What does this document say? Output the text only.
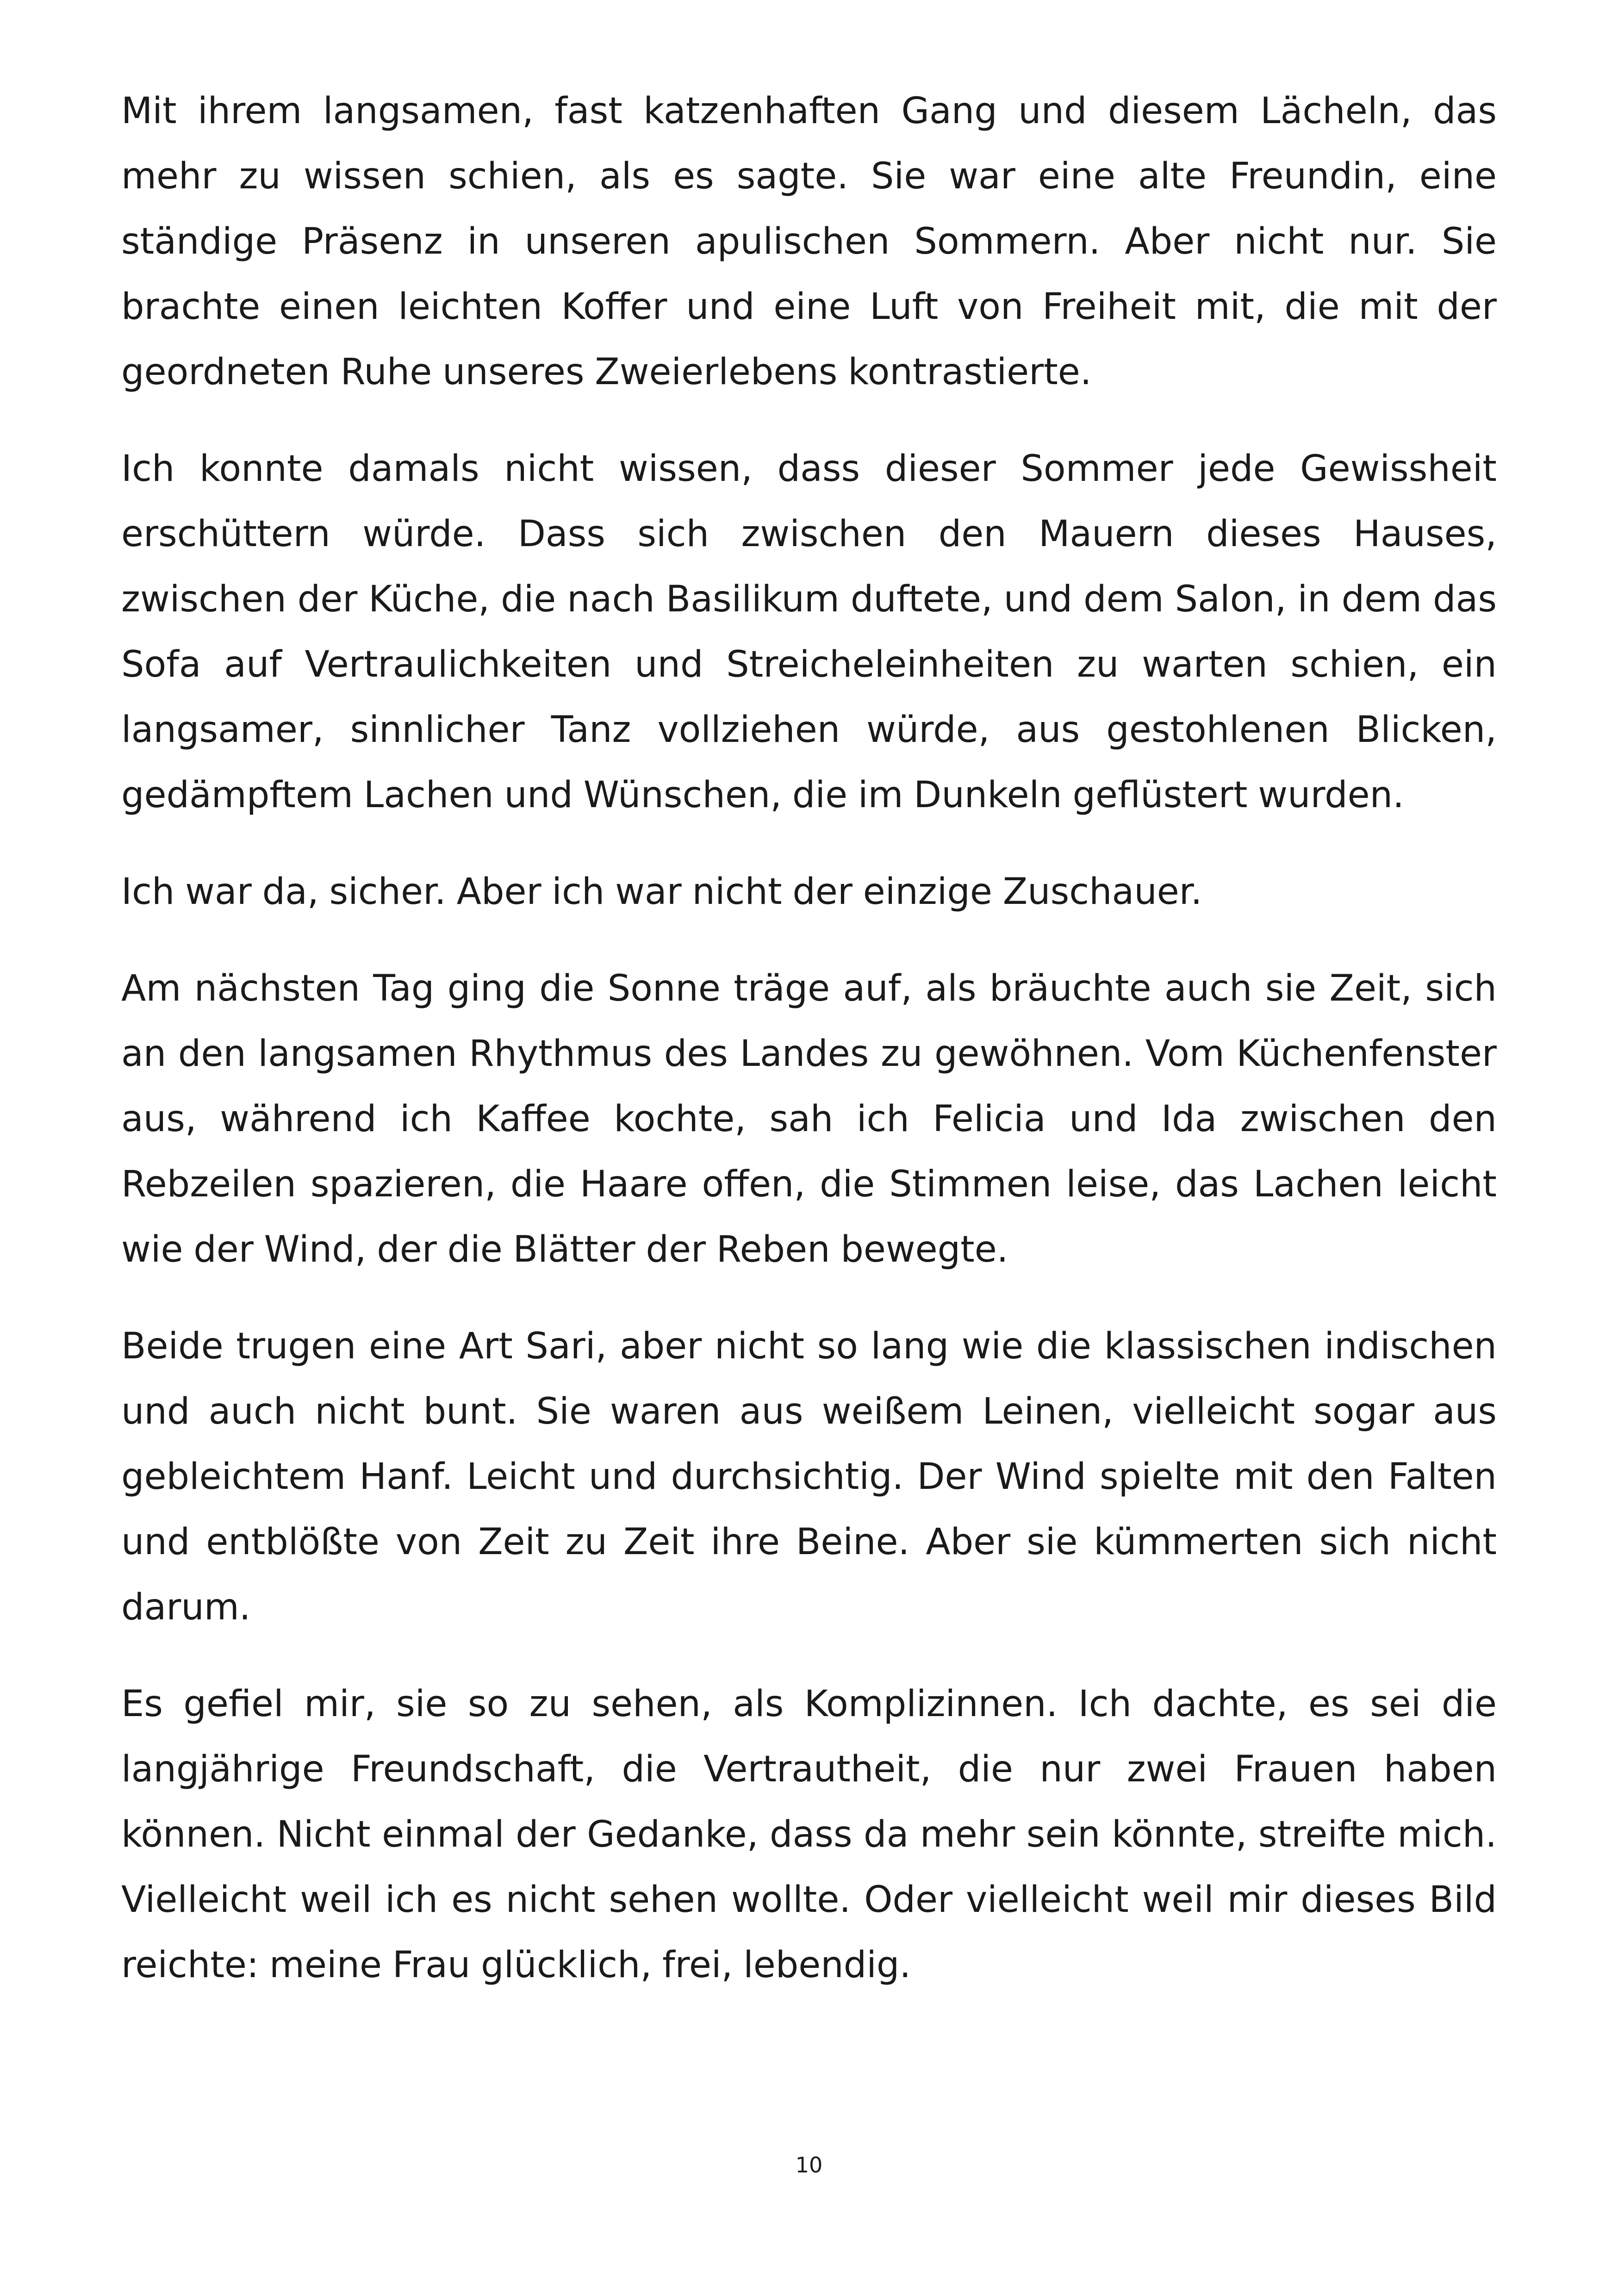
Mit ihrem langsamen, fast katzenhaften Gang und diesem Lächeln, das mehr zu wissen schien, als es sagte. Sie war eine alte Freundin, eine ständige Präsenz in unseren apulischen Sommern. Aber nicht nur. Sie brachte einen leichten Koffer und eine Luft von Freiheit mit, die mit der geordneten Ruhe unseres Zweierlebens kontrastierte.

Ich konnte damals nicht wissen, dass dieser Sommer jede Gewissheit erschüttern würde. Dass sich zwischen den Mauern dieses Hauses, zwischen der Küche, die nach Basilikum duftete, und dem Salon, in dem das Sofa auf Vertraulichkeiten und Streicheleinheiten zu warten schien, ein langsamer, sinnlicher Tanz vollziehen würde, aus gestohlenen Blicken, gedämpftem Lachen und Wünschen, die im Dunkeln geflüstert wurden.

Ich war da, sicher. Aber ich war nicht der einzige Zuschauer.

Am nächsten Tag ging die Sonne träge auf, als bräuchte auch sie Zeit, sich an den langsamen Rhythmus des Landes zu gewöhnen. Vom Küchenfenster aus, während ich Kaffee kochte, sah ich Felicia und Ida zwischen den Rebzeilen spazieren, die Haare offen, die Stimmen leise, das Lachen leicht wie der Wind, der die Blätter der Reben bewegte.

Beide trugen eine Art Sari, aber nicht so lang wie die klassischen indischen und auch nicht bunt. Sie waren aus weißem Leinen, vielleicht sogar aus gebleichtem Hanf. Leicht und durchsichtig. Der Wind spielte mit den Falten und entblößte von Zeit zu Zeit ihre Beine. Aber sie kümmerten sich nicht darum.

Es gefiel mir, sie so zu sehen, als Komplizinnen. Ich dachte, es sei die langjährige Freundschaft, die Vertrautheit, die nur zwei Frauen haben können. Nicht einmal der Gedanke, dass da mehr sein könnte, streifte mich. Vielleicht weil ich es nicht sehen wollte. Oder vielleicht weil mir dieses Bild reichte: meine Frau glücklich, frei, lebendig.

10
